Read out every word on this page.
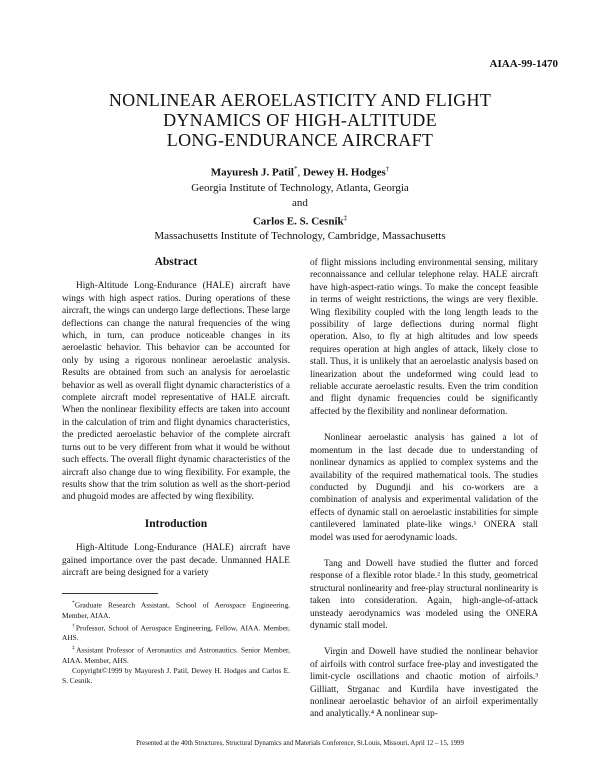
AIAA-99-1470
NONLINEAR AEROELASTICITY AND FLIGHT
DYNAMICS OF HIGH-ALTITUDE
LONG-ENDURANCE AIRCRAFT
Mayuresh J. Patil*, Dewey H. Hodges†
Georgia Institute of Technology, Atlanta, Georgia
and
Carlos E. S. Cesnik‡
Massachusetts Institute of Technology, Cambridge, Massachusetts
Abstract

High-Altitude Long-Endurance (HALE) aircraft have wings with high aspect ratios. During operations of these aircraft, the wings can undergo large deflections. These large deflections can change the natural frequencies of the wing which, in turn, can produce noticeable changes in its aeroelastic behavior. This behavior can be accounted for only by using a rigorous nonlinear aeroelastic analysis. Results are obtained from such an analysis for aeroelastic behavior as well as overall flight dynamic characteristics of a complete aircraft model representative of HALE aircraft. When the nonlinear flexibility effects are taken into account in the calculation of trim and flight dynamics characteristics, the predicted aeroelastic behavior of the complete aircraft turns out to be very different from what it would be without such effects. The overall flight dynamic characteristics of the aircraft also change due to wing flexibility. For example, the results show that the trim solution as well as the short-period and phugoid modes are affected by wing flexibility.

Introduction

High-Altitude Long-Endurance (HALE) aircraft have gained importance over the past decade. Unmanned HALE aircraft are being designed for a variety

*Graduate Research Assistant, School of Aerospace Engineering, Member, AIAA.

†Professor, School of Aerospace Engineering, Fellow, AIAA. Member, AHS.

‡Assistant Professor of Aeronautics and Astronautics. Senior Member, AIAA. Member, AHS.

Copyright©1999 by Mayuresh J. Patil, Dewey H. Hodges and Carlos E. S. Cesnik.

of flight missions including environmental sensing, military reconnaissance and cellular telephone relay. HALE aircraft have high-aspect-ratio wings. To make the concept feasible in terms of weight restrictions, the wings are very flexible. Wing flexibility coupled with the long length leads to the possibility of large deflections during normal flight operation. Also, to fly at high altitudes and low speeds requires operation at high angles of attack, likely close to stall. Thus, it is unlikely that an aeroelastic analysis based on linearization about the undeformed wing could lead to reliable accurate aeroelastic results. Even the trim condition and flight dynamic frequencies could be significantly affected by the flexibility and nonlinear deformation.

Nonlinear aeroelastic analysis has gained a lot of momentum in the last decade due to understanding of nonlinear dynamics as applied to complex systems and the availability of the required mathematical tools. The studies conducted by Dugundji and his co-workers are a combination of analysis and experimental validation of the effects of dynamic stall on aeroelastic instabilities for simple cantilevered laminated plate-like wings.¹ ONERA stall model was used for aerodynamic loads.

Tang and Dowell have studied the flutter and forced response of a flexible rotor blade.² In this study, geometrical structural nonlinearity and free-play structural nonlinearity is taken into consideration. Again, high-angle-of-attack unsteady aerodynamics was modeled using the ONERA dynamic stall model.

Virgin and Dowell have studied the nonlinear behavior of airfoils with control surface free-play and investigated the limit-cycle oscillations and chaotic motion of airfoils.³ Gilliatt, Strganac and Kurdila have investigated the nonlinear aeroelastic behavior of an airfoil experimentally and analytically.⁴ A nonlinear sup-

Presented at the 40th Structures, Structural Dynamics and Materials Conference, St.Louis, Missouri, April 12 – 15, 1999
